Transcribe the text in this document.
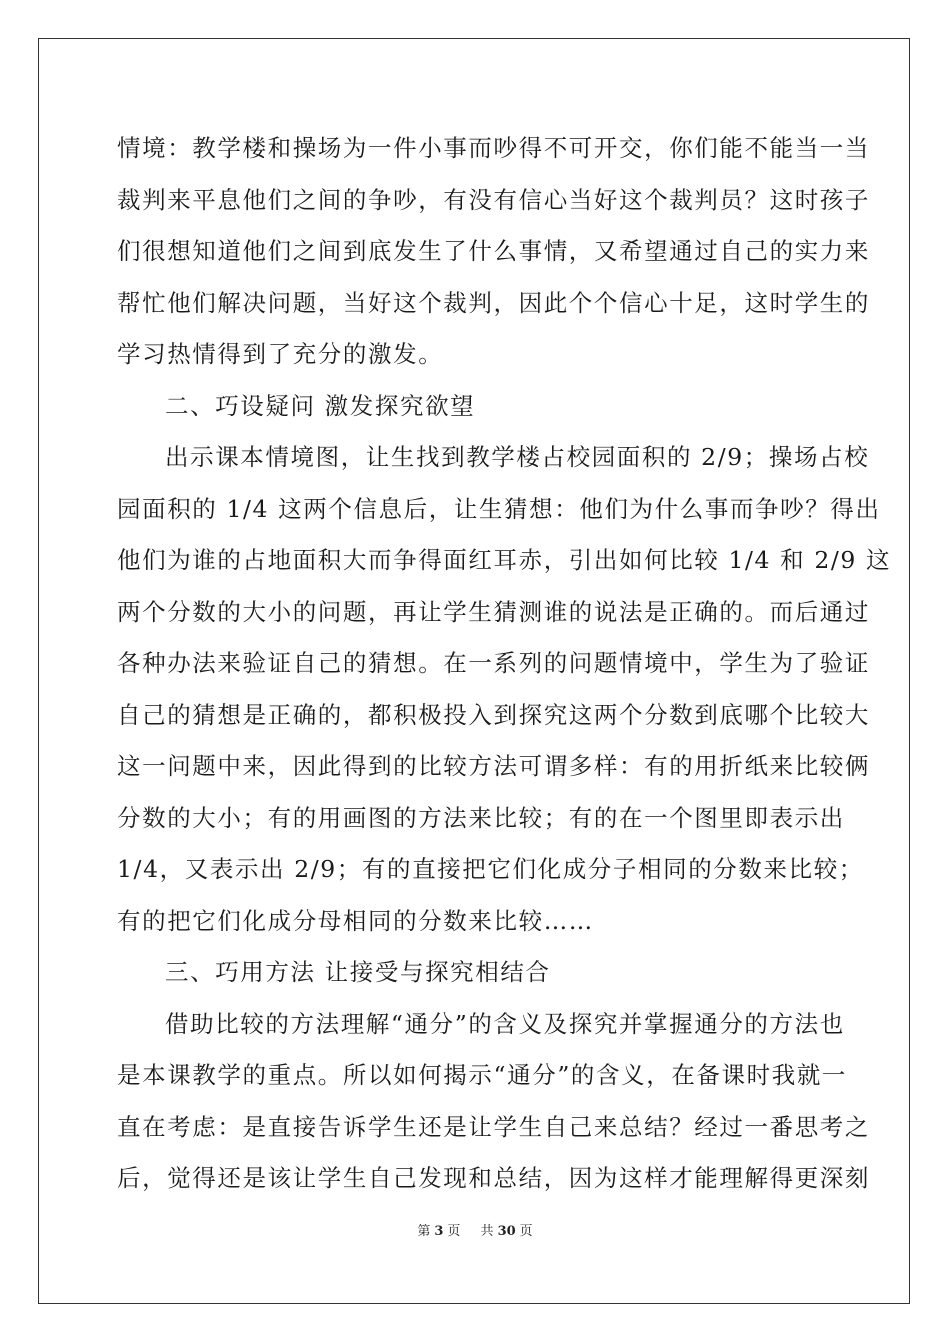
情境：教学楼和操场为一件小事而吵得不可开交，你们能不能当一当
裁判来平息他们之间的争吵，有没有信心当好这个裁判员？这时孩子
们很想知道他们之间到底发生了什么事情，又希望通过自己的实力来
帮忙他们解决问题，当好这个裁判，因此个个信心十足，这时学生的
学习热情得到了充分的激发。
二、巧设疑问 激发探究欲望
出示课本情境图，让生找到教学楼占校园面积的 2/9；操场占校
园面积的 1/4 这两个信息后，让生猜想：他们为什么事而争吵？得出
他们为谁的占地面积大而争得面红耳赤，引出如何比较 1/4 和 2/9 这
两个分数的大小的问题，再让学生猜测谁的说法是正确的。而后通过
各种办法来验证自己的猜想。在一系列的问题情境中，学生为了验证
自己的猜想是正确的，都积极投入到探究这两个分数到底哪个比较大
这一问题中来，因此得到的比较方法可谓多样：有的用折纸来比较俩
分数的大小；有的用画图的方法来比较；有的在一个图里即表示出
1/4，又表示出 2/9；有的直接把它们化成分子相同的分数来比较；
有的把它们化成分母相同的分数来比较……
三、巧用方法 让接受与探究相结合
借助比较的方法理解“通分”的含义及探究并掌握通分的方法也
是本课教学的重点。所以如何揭示“通分”的含义，在备课时我就一
直在考虑：是直接告诉学生还是让学生自己来总结？经过一番思考之
后，觉得还是该让学生自己发现和总结，因为这样才能理解得更深刻
第 3 页 共 30 页
